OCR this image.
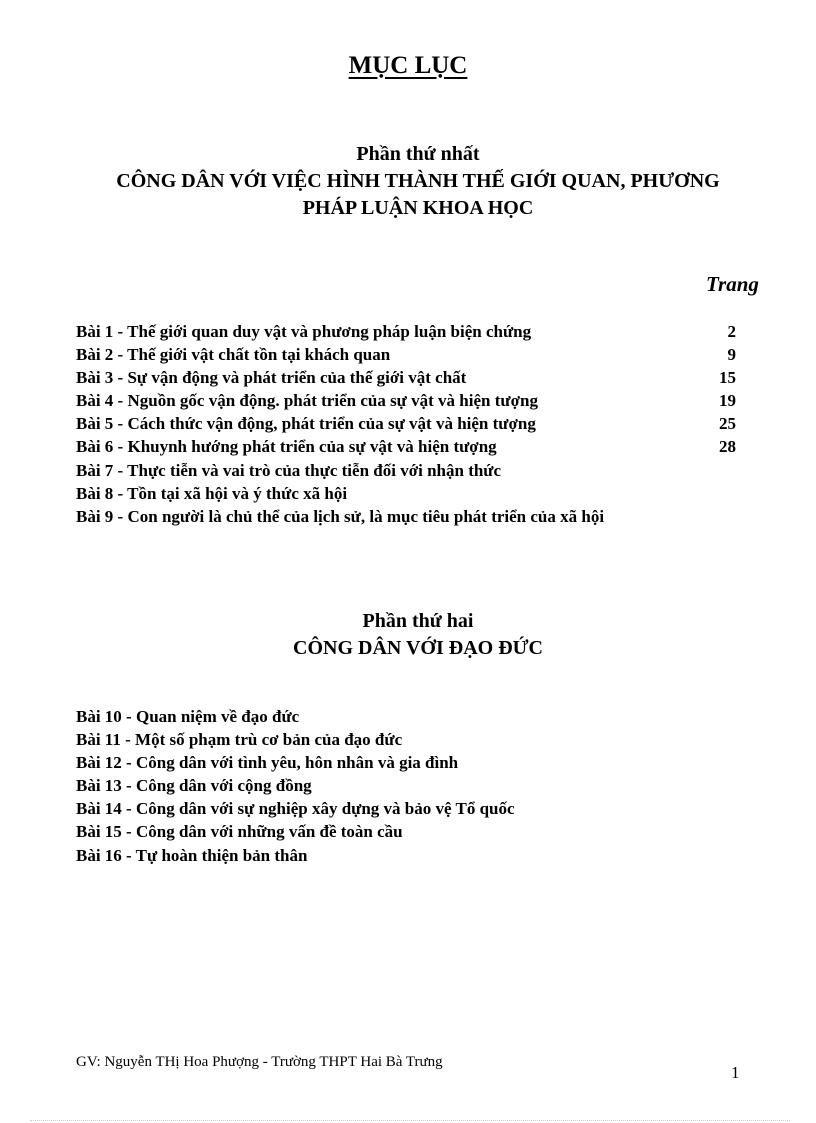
MỤC LỤC
Phần thứ nhất
CÔNG DÂN VỚI VIỆC HÌNH THÀNH THẾ GIỚI QUAN, PHƯƠNG
PHÁP LUẬN KHOA HỌC
Trang
Bài 1 - Thế giới quan duy vật và phương pháp luận biện chứng	2
Bài 2 - Thế giới vật chất tồn tại khách quan	9
Bài 3 - Sự vận động và phát triển của thế giới vật chất	15
Bài 4 - Nguồn gốc vận động. phát triển của sự vật và hiện tượng	19
Bài 5 - Cách thức vận động, phát triển của sự vật và hiện tượng	25
Bài 6 - Khuynh hướng phát triển của sự vật và hiện tượng	28
Bài 7 - Thực tiễn và vai trò của thực tiễn đối với nhận thức
Bài 8 - Tồn tại xã hội và ý thức xã hội
Bài 9 - Con người là chủ thể của lịch sử, là mục tiêu phát triển của xã hội
Phần thứ hai
CÔNG DÂN VỚI ĐẠO ĐỨC
Bài 10 - Quan niệm về đạo đức
Bài 11 - Một số phạm trù cơ bản của đạo đức
Bài 12 - Công dân với tình yêu, hôn nhân và gia đình
Bài 13 - Công dân với cộng đồng
Bài 14 - Công dân với sự nghiệp xây dựng và bảo vệ Tổ quốc
Bài 15 - Công dân với những vấn đề toàn cầu
Bài 16 - Tự hoàn thiện bản thân
GV: Nguyễn THị Hoa Phượng - Trường THPT Hai Bà Trưng
1
